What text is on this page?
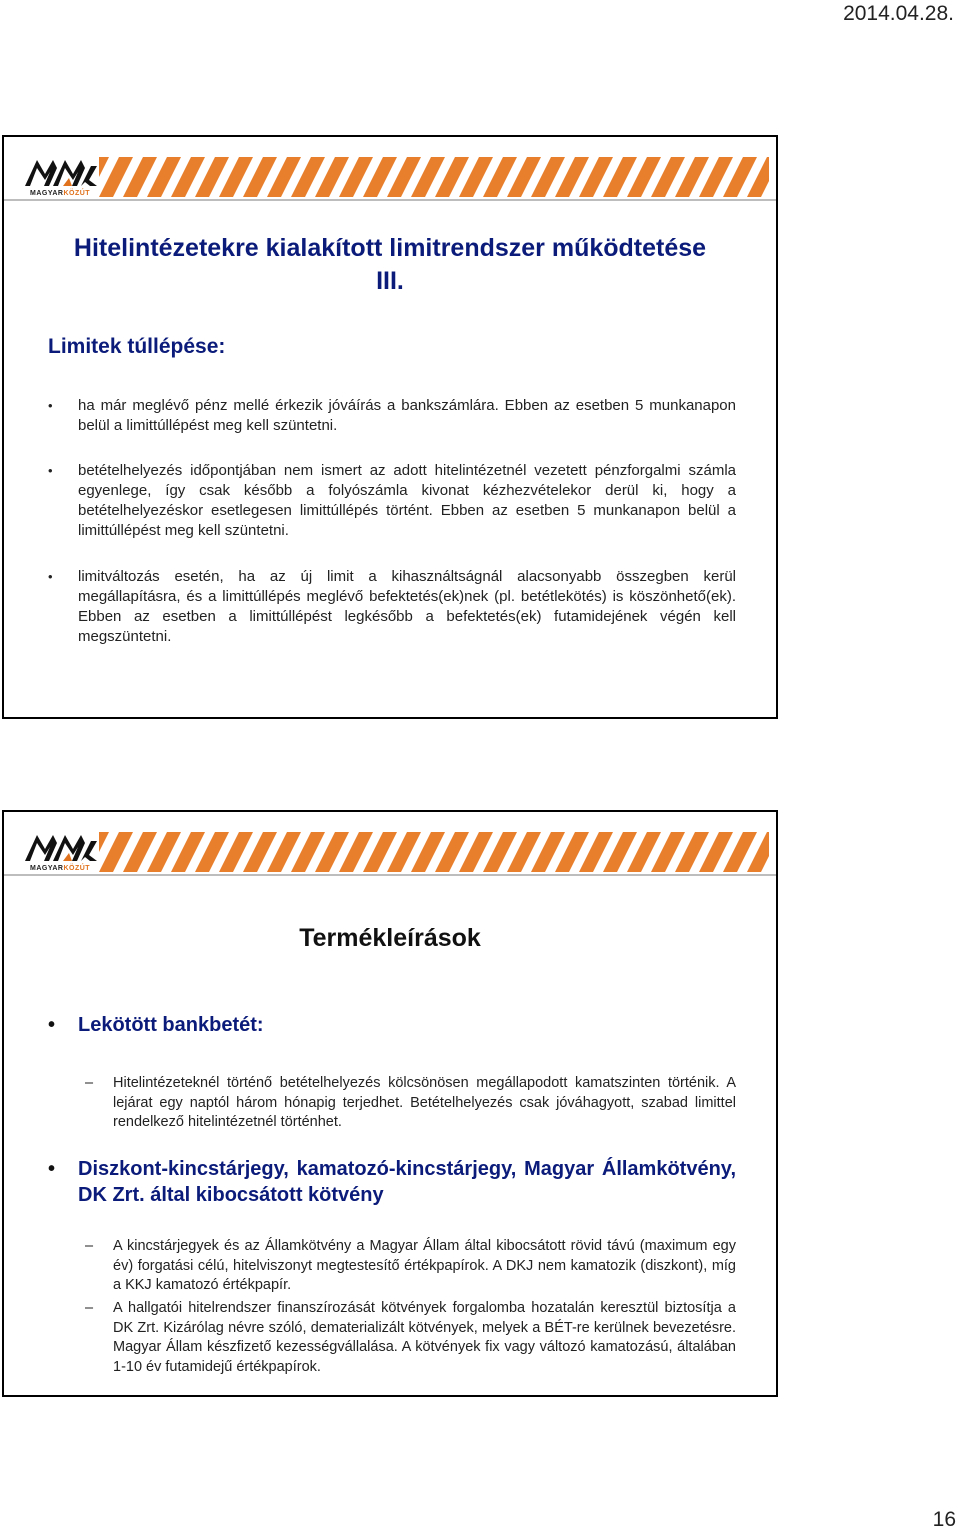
2014.04.28.
MAGYARKÖZÚT
Hitelintézetekre kialakított limitrendszer működtetése
III.
Limitek túllépése:
• ha már meglévő pénz mellé érkezik jóváírás a bankszámlára. Ebben az esetben 5 munkanapon belül a limittúllépést meg kell szüntetni.
• betételhelyezés időpontjában nem ismert az adott hitelintézetnél vezetett pénzforgalmi számla egyenlege, így csak később a folyószámla kivonat kézhezvételekor derül ki, hogy a betételhelyezéskor esetlegesen limittúllépés történt. Ebben az esetben 5 munkanapon belül a limittúllépést meg kell szüntetni.
• limitváltozás esetén, ha az új limit a kihasználtságnál alacsonyabb összegben kerül megállapításra, és a limittúllépés meglévő befektetés(ek)nek (pl. betétlekötés) is köszönhető(ek). Ebben az esetben a limittúllépést legkésőbb a befektetés(ek) futamidejének végén kell megszüntetni.
MAGYARKÖZÚT
Termékleírások
• Lekötött bankbetét:
– Hitelintézeteknél történő betételhelyezés kölcsönösen megállapodott kamatszinten történik. A lejárat egy naptól három hónapig terjedhet. Betételhelyezés csak jóváhagyott, szabad limittel rendelkező hitelintézetnél történhet.
• Diszkont-kincstárjegy, kamatozó-kincstárjegy, Magyar Államkötvény, DK Zrt. által kibocsátott kötvény
– A kincstárjegyek és az Államkötvény a Magyar Állam által kibocsátott rövid távú (maximum egy év) forgatási célú, hitelviszonyt megtestesítő értékpapírok. A DKJ nem kamatozik (diszkont), míg a KKJ kamatozó értékpapír.
– A hallgatói hitelrendszer finanszírozását kötvények forgalomba hozatalán keresztül biztosítja a DK Zrt. Kizárólag névre szóló, dematerializált kötvények, melyek a BÉT-re kerülnek bevezetésre. Magyar Állam készfizető kezességvállalása. A kötvények fix vagy változó kamatozású, általában 1-10 év futamidejű értékpapírok.
16
